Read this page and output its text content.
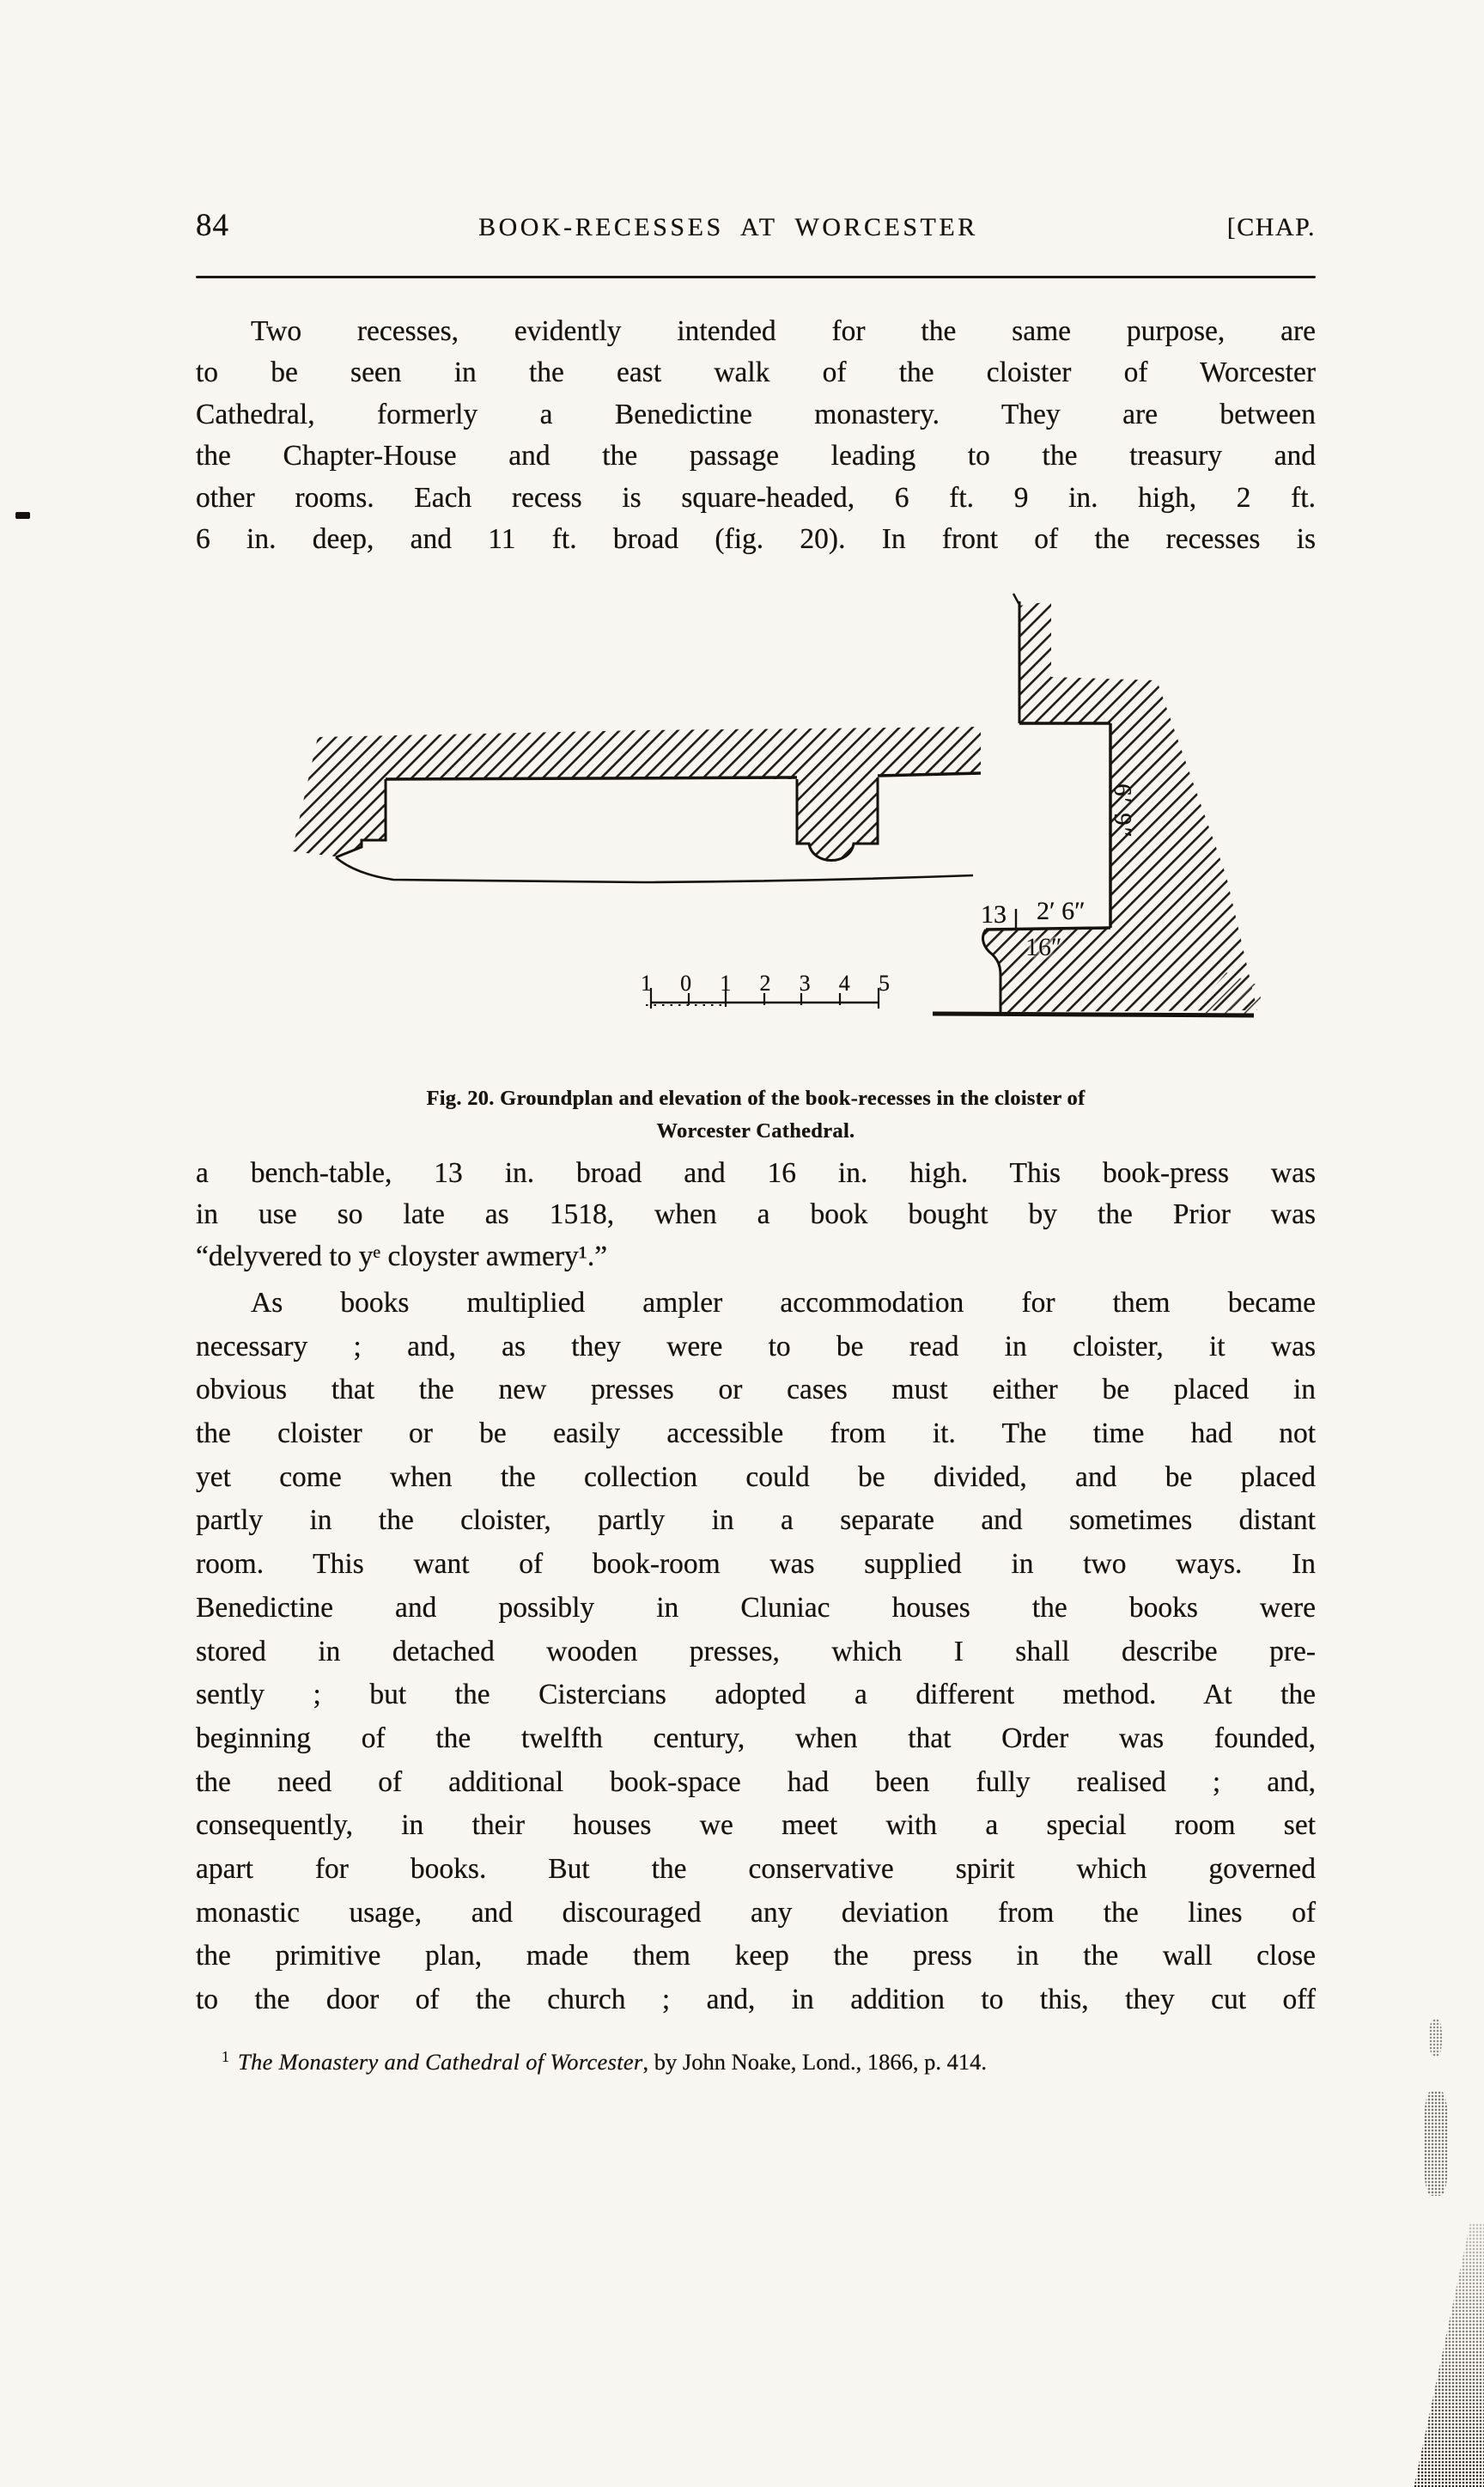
84	BOOK-RECESSES AT WORCESTER	[CHAP.
Two recesses, evidently intended for the same purpose, are
to be seen in the east walk of the cloister of Worcester
Cathedral, formerly a Benedictine monastery. They are between
the Chapter-House and the passage leading to the treasury and
other rooms. Each recess is square-headed, 6 ft. 9 in. high, 2 ft.
6 in. deep, and 11 ft. broad (fig. 20). In front of the recesses is
6′ 9″
13 2′ 6″
16″
1 0 1 2 3 4 5
Fig. 20. Groundplan and elevation of the book-recesses in the cloister of
Worcester Cathedral.
a bench-table, 13 in. broad and 16 in. high. This book-press was
in use so late as 1518, when a book bought by the Prior was
“delyvered to yᵉ cloyster awmery¹.”
As books multiplied ampler accommodation for them became
necessary ; and, as they were to be read in cloister, it was
obvious that the new presses or cases must either be placed in
the cloister or be easily accessible from it. The time had not
yet come when the collection could be divided, and be placed
partly in the cloister, partly in a separate and sometimes distant
room. This want of book-room was supplied in two ways. In
Benedictine and possibly in Cluniac houses the books were
stored in detached wooden presses, which I shall describe pre-
sently ; but the Cistercians adopted a different method. At the
beginning of the twelfth century, when that Order was founded,
the need of additional book-space had been fully realised ; and,
consequently, in their houses we meet with a special room set
apart for books. But the conservative spirit which governed
monastic usage, and discouraged any deviation from the lines of
the primitive plan, made them keep the press in the wall close
to the door of the church ; and, in addition to this, they cut off
$^1$ The Monastery and Cathedral of Worcester, by John Noake, Lond., 1866, p. 414.
